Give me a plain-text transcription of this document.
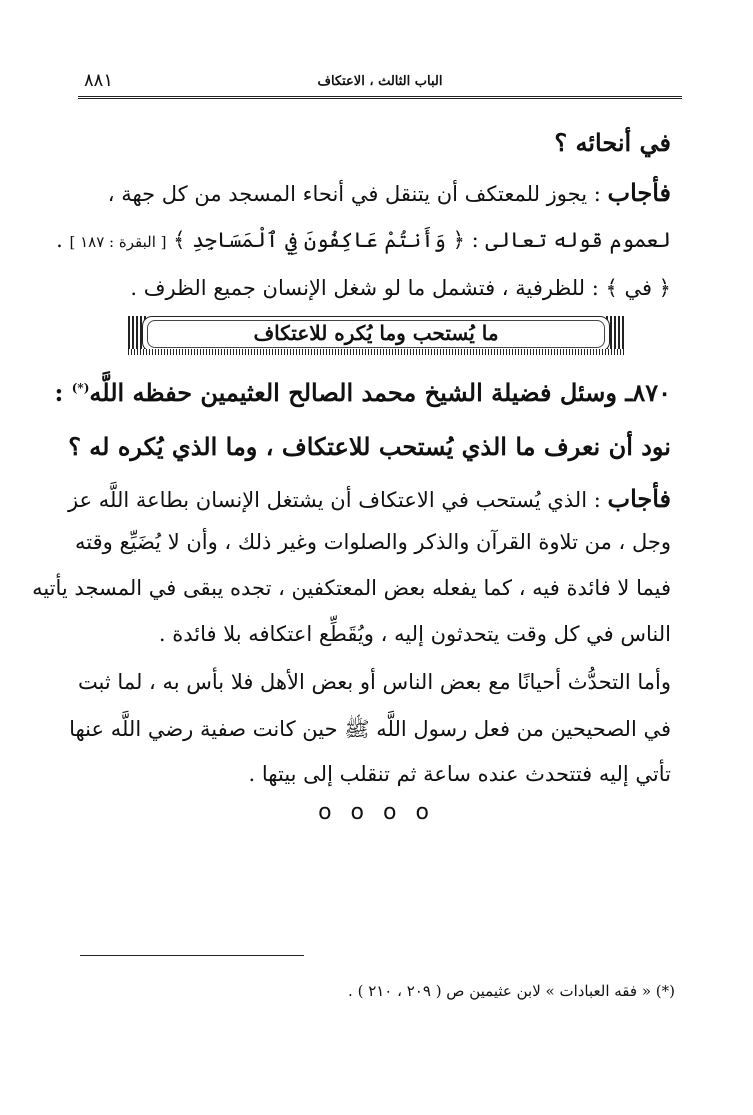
الباب الثالث ، الاعتكاف
٨٨١
في أنحائه ؟
فأجاب : يجوز للمعتكف أن يتنقل في أنحاء المسجد من كل جهة ،
لعموم قوله تعالى : ﴿ وَأَنتُمْ عَاكِفُونَ فِي ٱلْمَسَاجِدِ ﴾ [ البقرة : ١٨٧ ] .
﴿ في ﴾ : للظرفية ، فتشمل ما لو شغل الإنسان جميع الظرف .
ما يُستحب وما يُكره للاعتكاف
٨٧٠ـ وسئل فضيلة الشيخ محمد الصالح العثيمين حفظه اللَّه(*) :
نود أن نعرف ما الذي يُستحب للاعتكاف ، وما الذي يُكره له ؟
فأجاب : الذي يُستحب في الاعتكاف أن يشتغل الإنسان بطاعة اللَّه عز
وجل ، من تلاوة القرآن والذكر والصلوات وغير ذلك ، وأن لا يُضَيِّع وقته
فيما لا فائدة فيه ، كما يفعله بعض المعتكفين ، تجده يبقى في المسجد يأتيه
الناس في كل وقت يتحدثون إليه ، ويُقَطِّع اعتكافه بلا فائدة .
وأما التحدُّث أحيانًا مع بعض الناس أو بعض الأهل فلا بأس به ، لما ثبت
في الصحيحين من فعل رسول اللَّه ﷺ حين كانت صفية رضي اللَّه عنها
تأتي إليه فتتحدث عنده ساعة ثم تنقلب إلى بيتها .
o o o o
(*) « فقه العبادات » لابن عثيمين ص ( ٢٠٩ ، ٢١٠ ) .
